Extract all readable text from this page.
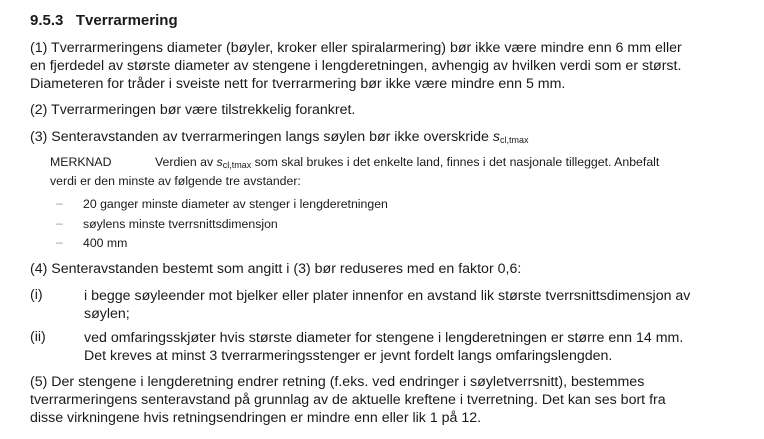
9.5.3 Tverrarmering
(1) Tverrarmeringens diameter (bøyler, kroker eller spiralarmering) bør ikke være mindre enn 6 mm eller
en fjerdedel av største diameter av stengene i lengderetningen, avhengig av hvilken verdi som er størst.
Diameteren for tråder i sveiste nett for tverrarmering bør ikke være mindre enn 5 mm.
(2) Tverrarmeringen bør være tilstrekkelig forankret.
(3) Senteravstanden av tverrarmeringen langs søylen bør ikke overskride $s_{cl,tmax}$
MERKNAD	Verdien av $s_{cl,tmax}$ som skal brukes i det enkelte land, finnes i det nasjonale tillegget. Anbefalt
verdi er den minste av følgende tre avstander:
– 20 ganger minste diameter av stenger i lengderetningen
– søylens minste tverrsnittsdimensjon
– 400 mm
(4) Senteravstanden bestemt som angitt i (3) bør reduseres med en faktor 0,6:
(i)	i begge søyleender mot bjelker eller plater innenfor en avstand lik største tverrsnittsdimensjon av
søylen;
(ii)	ved omfaringsskjøter hvis største diameter for stengene i lengderetningen er større enn 14 mm.
Det kreves at minst 3 tverrarmeringsstenger er jevnt fordelt langs omfaringslengden.
(5) Der stengene i lengderetning endrer retning (f.eks. ved endringer i søyletverrsnitt), bestemmes
tverrarmeringens senteravstand på grunnlag av de aktuelle kreftene i tverretning. Det kan ses bort fra
disse virkningene hvis retningsendringen er mindre enn eller lik 1 på 12.
